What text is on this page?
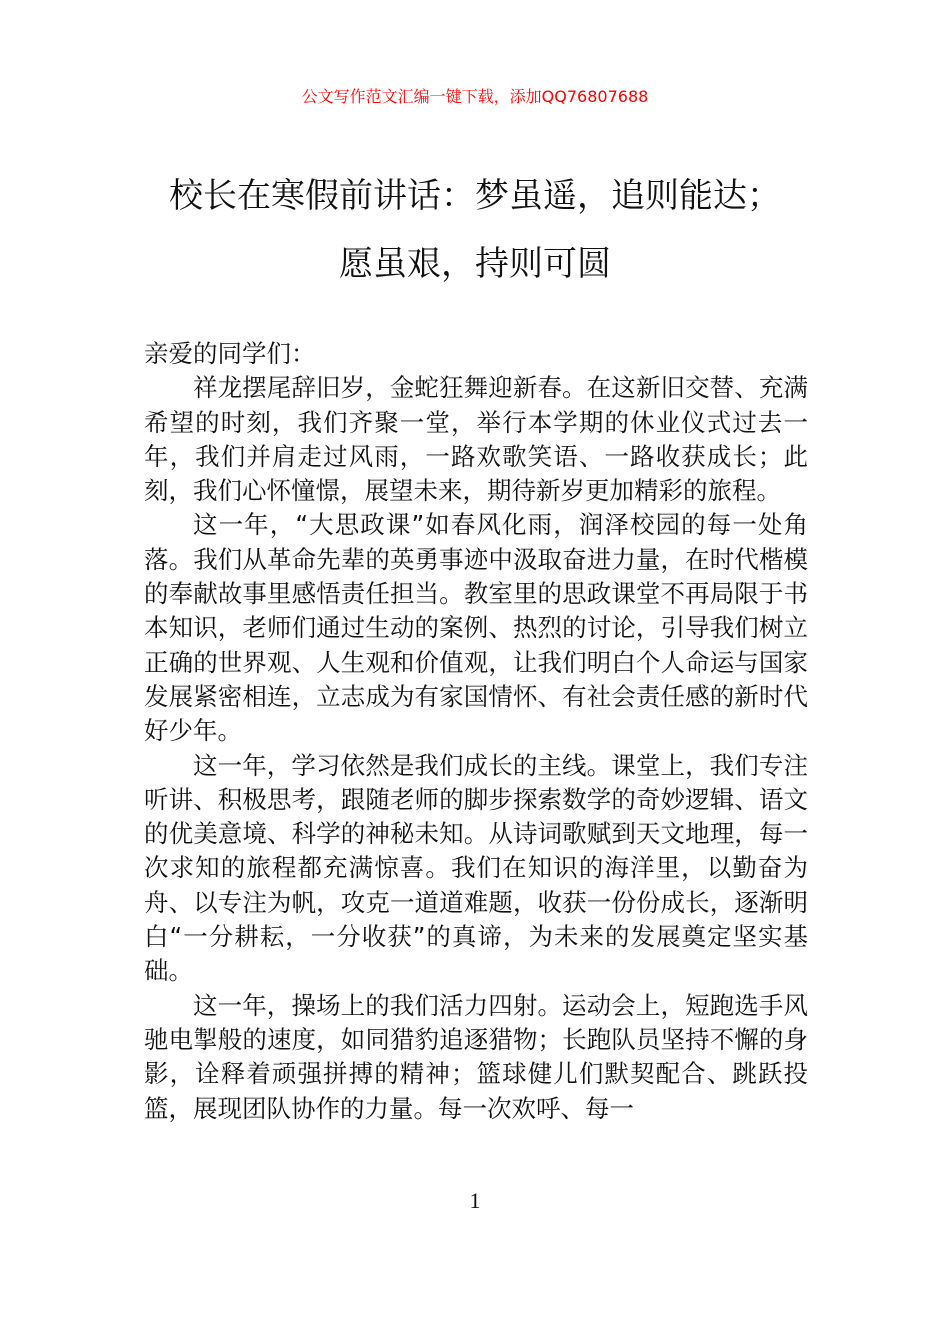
公文写作范文汇编一键下载，添加QQ76807688
校长在寒假前讲话：梦虽遥，追则能达；
愿虽艰，持则可圆

亲爱的同学们：

祥龙摆尾辞旧岁，金蛇狂舞迎新春。在这新旧交替、充满希望的时刻，我们齐聚一堂，举行本学期的休业仪式过去一年，我们并肩走过风雨，一路欢歌笑语、一路收获成长；此刻，我们心怀憧憬，展望未来，期待新岁更加精彩的旅程。

这一年，“大思政课”如春风化雨，润泽校园的每一处角落。我们从革命先辈的英勇事迹中汲取奋进力量，在时代楷模的奉献故事里感悟责任担当。教室里的思政课堂不再局限于书本知识，老师们通过生动的案例、热烈的讨论，引导我们树立正确的世界观、人生观和价值观，让我们明白个人命运与国家发展紧密相连，立志成为有家国情怀、有社会责任感的新时代好少年。

这一年，学习依然是我们成长的主线。课堂上，我们专注听讲、积极思考，跟随老师的脚步探索数学的奇妙逻辑、语文的优美意境、科学的神秘未知。从诗词歌赋到天文地理，每一次求知的旅程都充满惊喜。我们在知识的海洋里，以勤奋为舟、以专注为帆，攻克一道道难题，收获一份份成长，逐渐明白“一分耕耘，一分收获”的真谛，为未来的发展奠定坚实基础。

这一年，操场上的我们活力四射。运动会上，短跑选手风驰电掣般的速度，如同猎豹追逐猎物；长跑队员坚持不懈的身影，诠释着顽强拼搏的精神；篮球健儿们默契配合、跳跃投篮，展现团队协作的力量。每一次欢呼、每一

1
